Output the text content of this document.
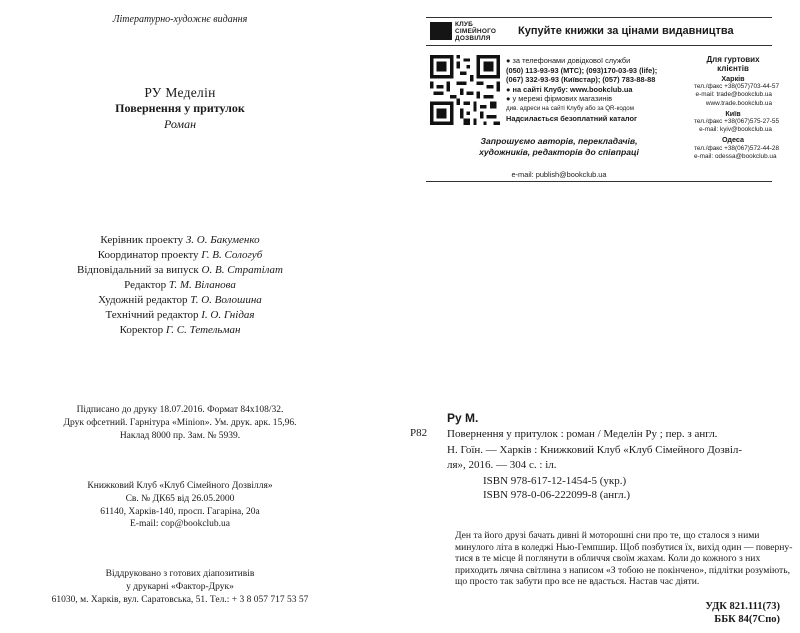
Літературно-художнє видання
РУ Меделін
Повернення у притулок
Роман
Керівник проекту З. О. Бакуменко
Координатор проекту Г. В. Сологуб
Відповідальний за випуск О. В. Стратілат
Редактор Т. М. Віланова
Художній редактор Т. О. Волошина
Технічний редактор І. О. Гнідая
Коректор Г. С. Тетельман
Підписано до друку 18.07.2016. Формат 84x108/32.
Друк офсетний. Гарнітура «Minion». Ум. друк. арк. 15,96.
Наклад 8000 пр. Зам. № 5939.
Книжковий Клуб «Клуб Сімейного Дозвілля»
Св. № ДК65 від 26.05.2000
61140, Харків-140, просп. Гагаріна, 20а
E-mail: cop@bookclub.ua
Віддруковано з готових діапозитивів
у друкарні «Фактор-Друк»
61030, м. Харків, вул. Саратовська, 51. Тел.: + 3 8 057 717 53 57
КЛУБ
СІМЕЙНОГО
ДОЗВІЛЛЯ
Купуйте книжки за цінами видавництва
● за телефонами довідкової служби
(050) 113-93-93 (МТС); (093)170-03-93 (life);
(067) 332-93-93 (Київстар); (057) 783-88-88
● на сайті Клубу: www.bookclub.ua
● у мережі фірмових магазинів
див. адреси на сайті Клубу або за QR-кодом
Надсилається безоплатний каталог
Запрошуємо авторів, перекладачів,
художників, редакторів до співпраці
e-mail: publish@bookclub.ua
Для гуртових клієнтів
Харків
тел./факс +38(057)703-44-57
e-mail: trade@bookclub.ua
www.trade.bookclub.ua
Київ
тел./факс +38(067)575-27-55
e-mail: kyiv@bookclub.ua
Одеса
тел./факс +38(067)572-44-28
e-mail: odessa@bookclub.ua
Ру М.
Р82 Повернення у притулок : роман / Меделін Ру ; пер. з англ.
Н. Гоїн. — Харків : Книжковий Клуб «Клуб Сімейного Дозвіл-
ля», 2016. — 304 с. : іл.
ISBN 978-617-12-1454-5 (укр.)
ISBN 978-0-06-222099-8 (англ.)
Ден та його друзі бачать дивні й моторошні сни про те, що сталося з ними
минулого літа в коледжі Нью-Гемпшир. Щоб позбутися їх, вихід один — поверну-
тися в те місце й поглянути в обличчя своїм жахам. Коли до кожного з них
приходить лячна світлина з написом «З тобою не покінчено», підлітки розуміють,
що просто так забути про все не вдасться. Настав час діяти.
УДК 821.111(73)
ББК 84(7Спо)
